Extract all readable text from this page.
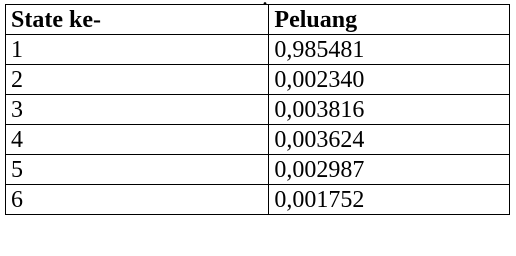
State ke-	Peluang
1	0,985481
2	0,002340
3	0,003816
4	0,003624
5	0,002987
6	0,001752
